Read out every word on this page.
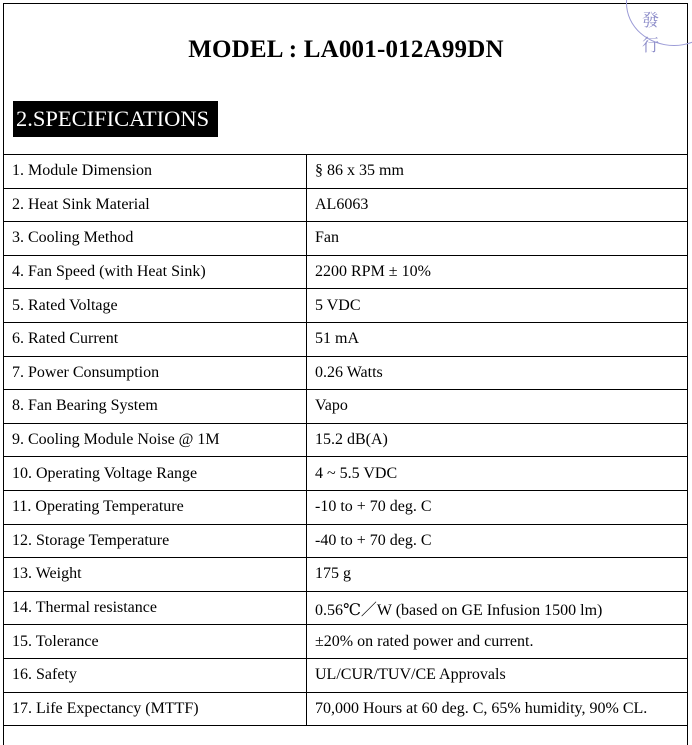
發行
MODEL : LA001-012A99DN
2.SPECIFICATIONS
1. Module Dimension	§ 86 x 35 mm
2. Heat Sink Material	AL6063
3. Cooling Method	Fan
4. Fan Speed (with Heat Sink)	2200 RPM ± 10%
5. Rated Voltage	5 VDC
6. Rated Current	51 mA
7. Power Consumption	0.26 Watts
8. Fan Bearing System	Vapo
9. Cooling Module Noise @ 1M	15.2 dB(A)
10. Operating Voltage Range	4 ~ 5.5 VDC
11. Operating Temperature	-10 to + 70 deg. C
12. Storage Temperature	-40 to + 70 deg. C
13. Weight	175 g
14. Thermal resistance	0.56℃／W (based on GE Infusion 1500 lm)
15. Tolerance	±20% on rated power and current.
16. Safety	UL/CUR/TUV/CE Approvals
17. Life Expectancy (MTTF)	70,000 Hours at 60 deg. C, 65% humidity, 90% CL.
